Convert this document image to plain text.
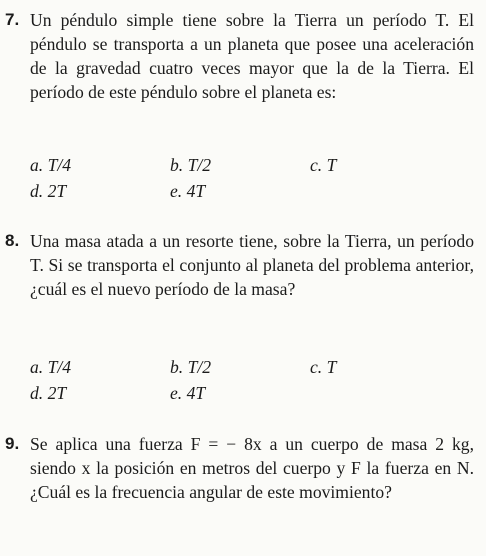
7. Un péndulo simple tiene sobre la Tierra un período T. El péndulo se transporta a un planeta que posee una aceleración de la gravedad cuatro veces mayor que la de la Tierra. El período de este péndulo sobre el planeta es:
a. T/4	b. T/2	c. T
d. 2T	e. 4T
8. Una masa atada a un resorte tiene, sobre la Tierra, un período T. Si se transporta el conjunto al planeta del problema anterior, ¿cuál es el nuevo período de la masa?
a. T/4	b. T/2	c. T
d. 2T	e. 4T
9. Se aplica una fuerza F = − 8x a un cuerpo de masa 2 kg, siendo x la posición en metros del cuerpo y F la fuerza en N. ¿Cuál es la frecuencia angular de este movimiento?
